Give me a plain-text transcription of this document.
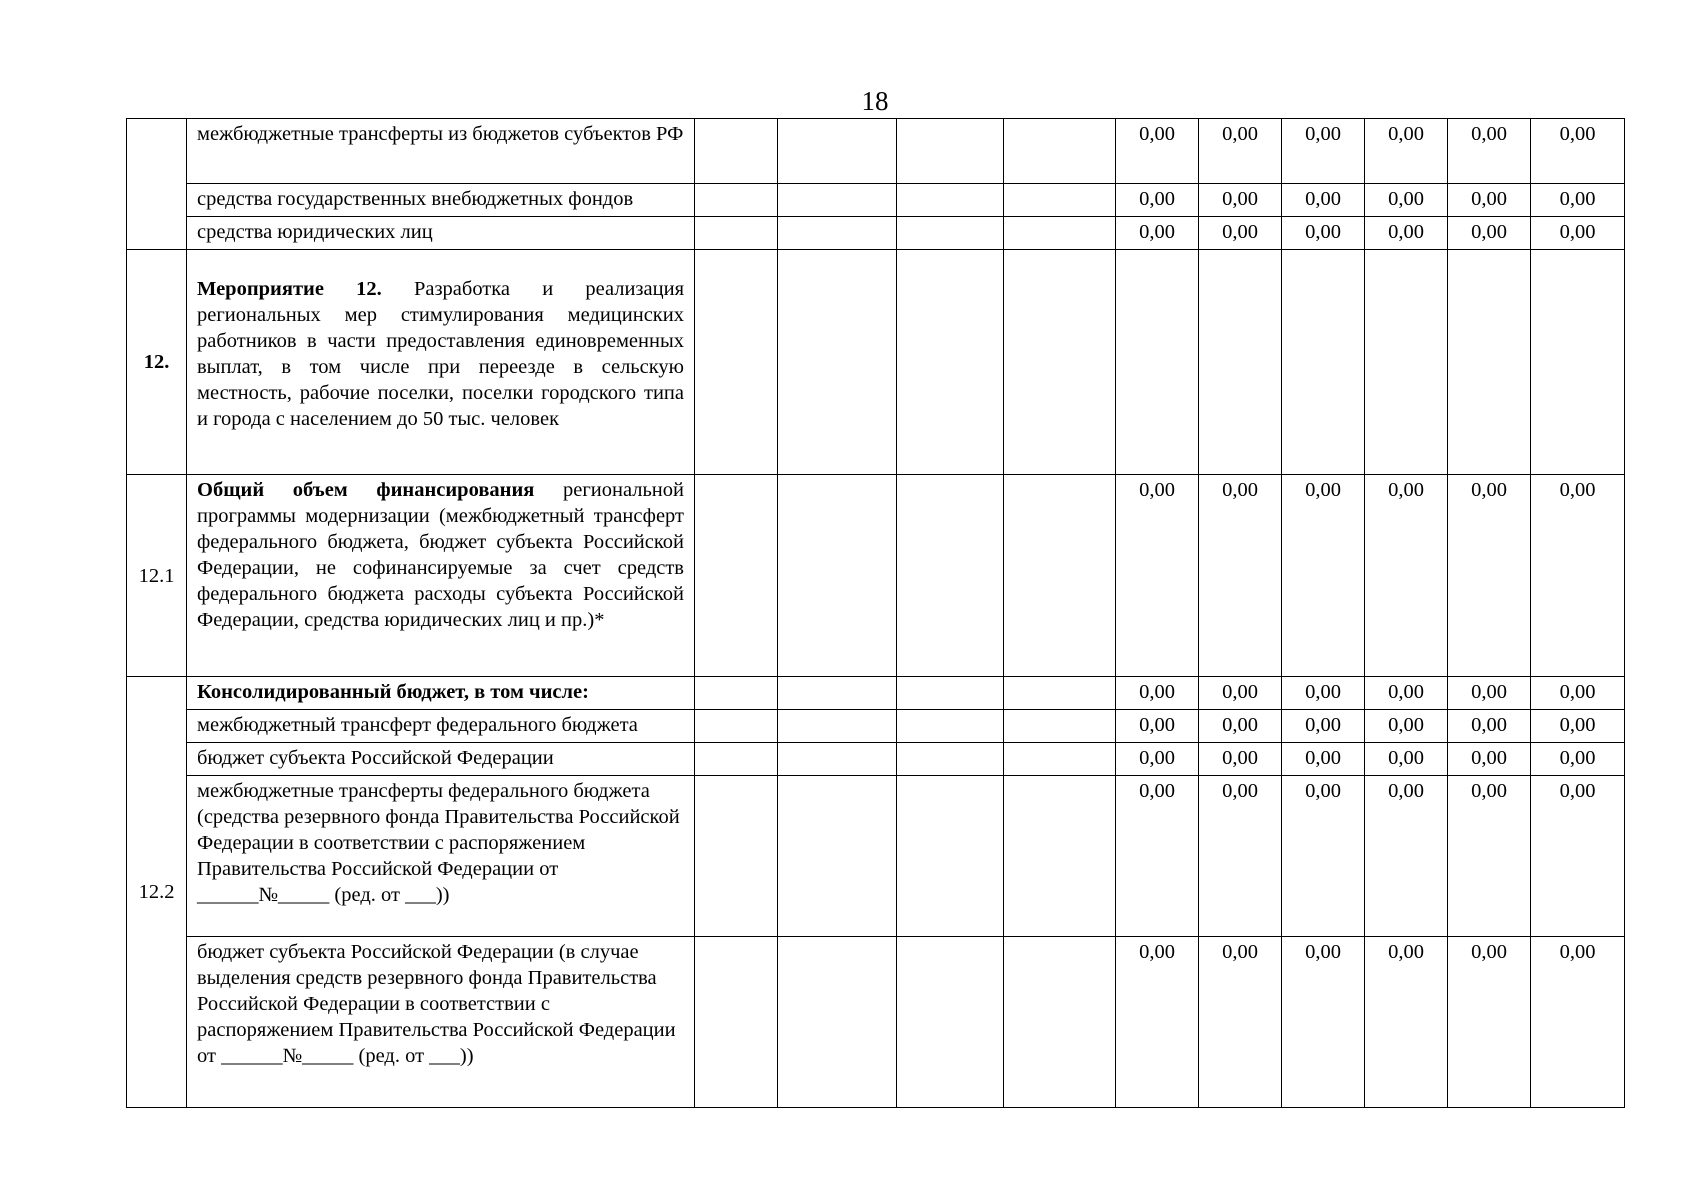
18
	межбюджетные трансферты из бюджетов субъектов РФ					0,00	0,00	0,00	0,00	0,00	0,00
	средства государственных внебюджетных фондов					0,00	0,00	0,00	0,00	0,00	0,00
	средства юридических лиц					0,00	0,00	0,00	0,00	0,00	0,00
12.	Мероприятие 12. Разработка и реализация региональных мер стимулирования медицинских работников в части предоставления единовременных выплат, в том числе при переезде в сельскую местность, рабочие поселки, поселки городского типа и города с населением до 50 тыс. человек										
12.1	Общий объем финансирования региональной программы модернизации (межбюджетный трансферт федерального бюджета, бюджет субъекта Российской Федерации, не софинансируемые за счет средств федерального бюджета расходы субъекта Российской Федерации, средства юридических лиц и пр.)*					0,00	0,00	0,00	0,00	0,00	0,00
12.2	Консолидированный бюджет, в том числе:					0,00	0,00	0,00	0,00	0,00	0,00
	межбюджетный трансферт федерального бюджета					0,00	0,00	0,00	0,00	0,00	0,00
	бюджет субъекта Российской Федерации					0,00	0,00	0,00	0,00	0,00	0,00
	межбюджетные трансферты федерального бюджета (средства резервного фонда Правительства Российской Федерации в соответствии с распоряжением Правительства Российской Федерации от ______№_____ (ред. от ___))					0,00	0,00	0,00	0,00	0,00	0,00
	бюджет субъекта Российской Федерации (в случае выделения средств резервного фонда Правительства Российской Федерации в соответствии с распоряжением Правительства Российской Федерации от ______№_____ (ред. от ___))					0,00	0,00	0,00	0,00	0,00	0,00
